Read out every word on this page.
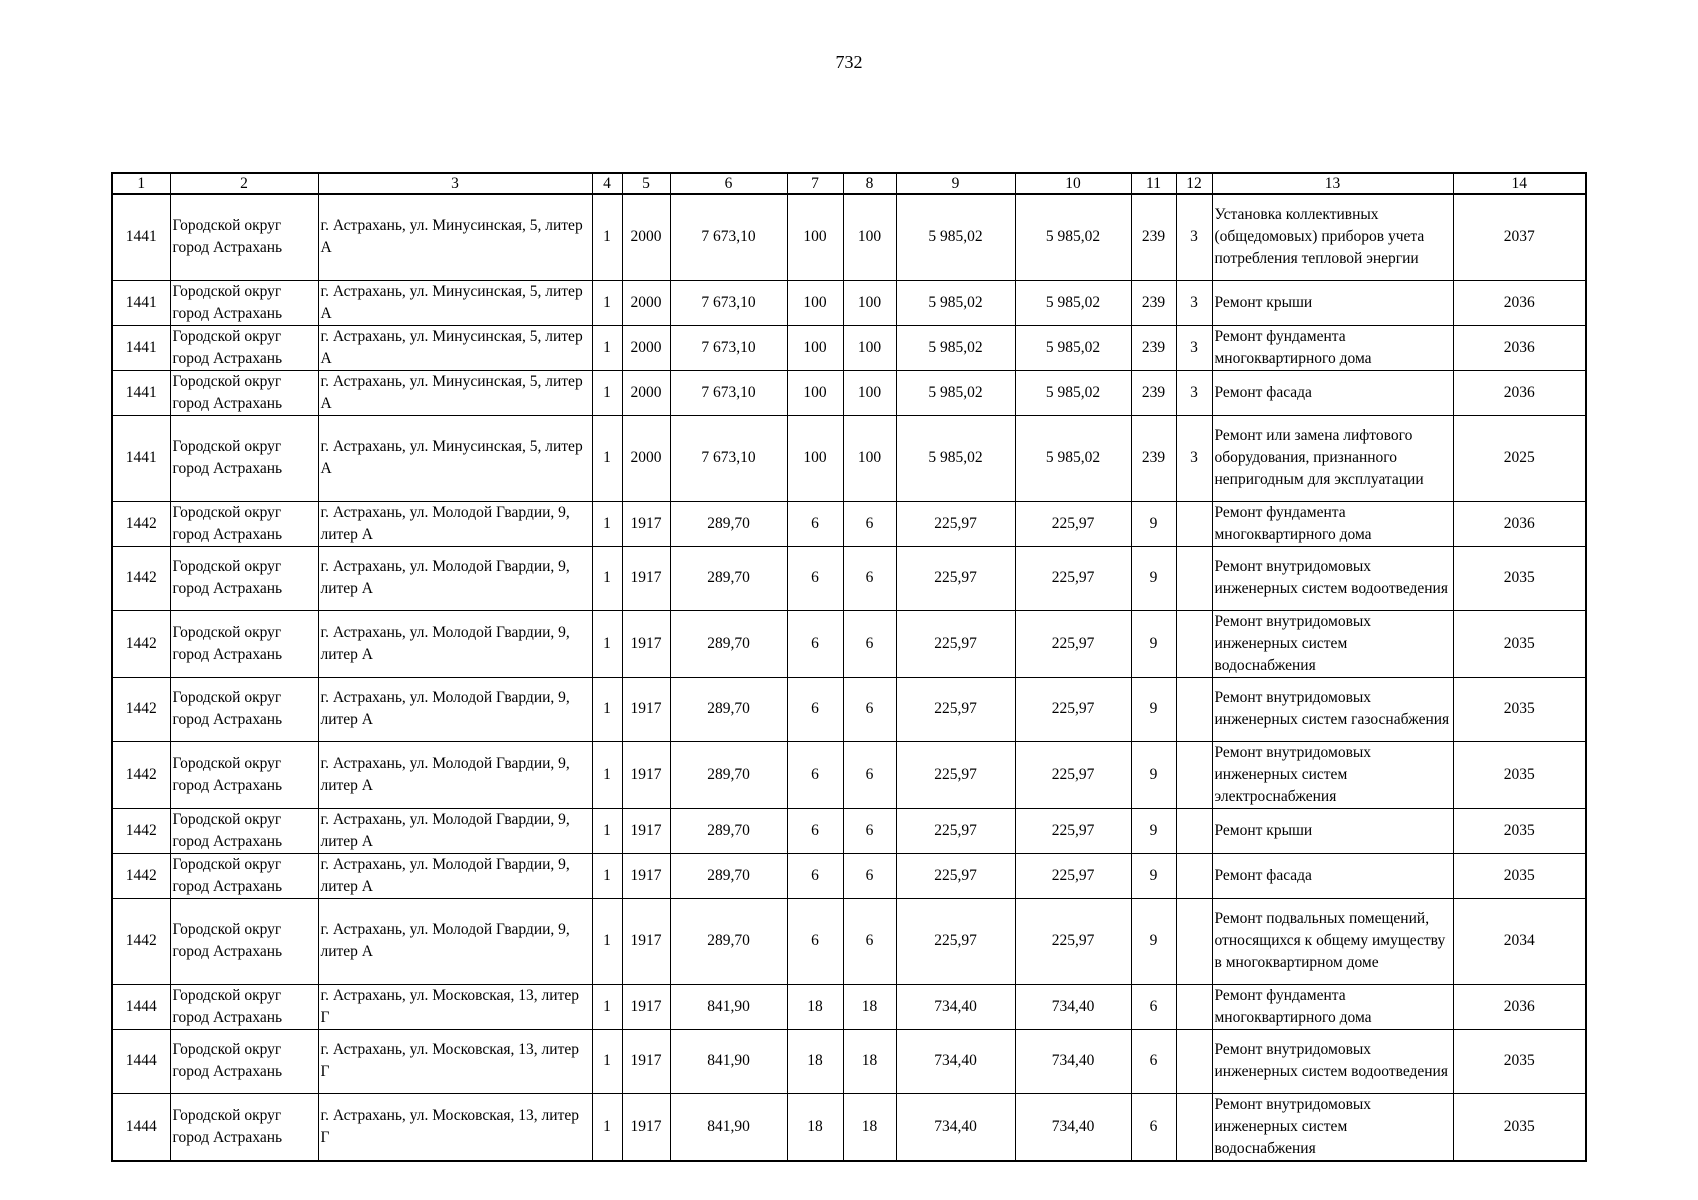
732
1	2	3	4	5	6	7	8	9	10	11	12	13	14
1441	Городской округ город Астрахань	г. Астрахань, ул. Минусинская, 5, литер А	1	2000	7 673,10	100	100	5 985,02	5 985,02	239	3	Установка коллективных (общедомовых) приборов учета потребления тепловой энергии	2037
1441	Городской округ город Астрахань	г. Астрахань, ул. Минусинская, 5, литер А	1	2000	7 673,10	100	100	5 985,02	5 985,02	239	3	Ремонт крыши	2036
1441	Городской округ город Астрахань	г. Астрахань, ул. Минусинская, 5, литер А	1	2000	7 673,10	100	100	5 985,02	5 985,02	239	3	Ремонт фундамента многоквартирного дома	2036
1441	Городской округ город Астрахань	г. Астрахань, ул. Минусинская, 5, литер А	1	2000	7 673,10	100	100	5 985,02	5 985,02	239	3	Ремонт фасада	2036
1441	Городской округ город Астрахань	г. Астрахань, ул. Минусинская, 5, литер А	1	2000	7 673,10	100	100	5 985,02	5 985,02	239	3	Ремонт или замена лифтового оборудования, признанного непригодным для эксплуатации	2025
1442	Городской округ город Астрахань	г. Астрахань, ул. Молодой Гвардии, 9, литер А	1	1917	289,70	6	6	225,97	225,97	9		Ремонт фундамента многоквартирного дома	2036
1442	Городской округ город Астрахань	г. Астрахань, ул. Молодой Гвардии, 9, литер А	1	1917	289,70	6	6	225,97	225,97	9		Ремонт внутридомовых инженерных систем водоотведения	2035
1442	Городской округ город Астрахань	г. Астрахань, ул. Молодой Гвардии, 9, литер А	1	1917	289,70	6	6	225,97	225,97	9		Ремонт внутридомовых инженерных систем водоснабжения	2035
1442	Городской округ город Астрахань	г. Астрахань, ул. Молодой Гвардии, 9, литер А	1	1917	289,70	6	6	225,97	225,97	9		Ремонт внутридомовых инженерных систем газоснабжения	2035
1442	Городской округ город Астрахань	г. Астрахань, ул. Молодой Гвардии, 9, литер А	1	1917	289,70	6	6	225,97	225,97	9		Ремонт внутридомовых инженерных систем электроснабжения	2035
1442	Городской округ город Астрахань	г. Астрахань, ул. Молодой Гвардии, 9, литер А	1	1917	289,70	6	6	225,97	225,97	9		Ремонт крыши	2035
1442	Городской округ город Астрахань	г. Астрахань, ул. Молодой Гвардии, 9, литер А	1	1917	289,70	6	6	225,97	225,97	9		Ремонт фасада	2035
1442	Городской округ город Астрахань	г. Астрахань, ул. Молодой Гвардии, 9, литер А	1	1917	289,70	6	6	225,97	225,97	9		Ремонт подвальных помещений, относящихся к общему имуществу в многоквартирном доме	2034
1444	Городской округ город Астрахань	г. Астрахань, ул. Московская, 13, литер Г	1	1917	841,90	18	18	734,40	734,40	6		Ремонт фундамента многоквартирного дома	2036
1444	Городской округ город Астрахань	г. Астрахань, ул. Московская, 13, литер Г	1	1917	841,90	18	18	734,40	734,40	6		Ремонт внутридомовых инженерных систем водоотведения	2035
1444	Городской округ город Астрахань	г. Астрахань, ул. Московская, 13, литер Г	1	1917	841,90	18	18	734,40	734,40	6		Ремонт внутридомовых инженерных систем водоснабжения	2035
